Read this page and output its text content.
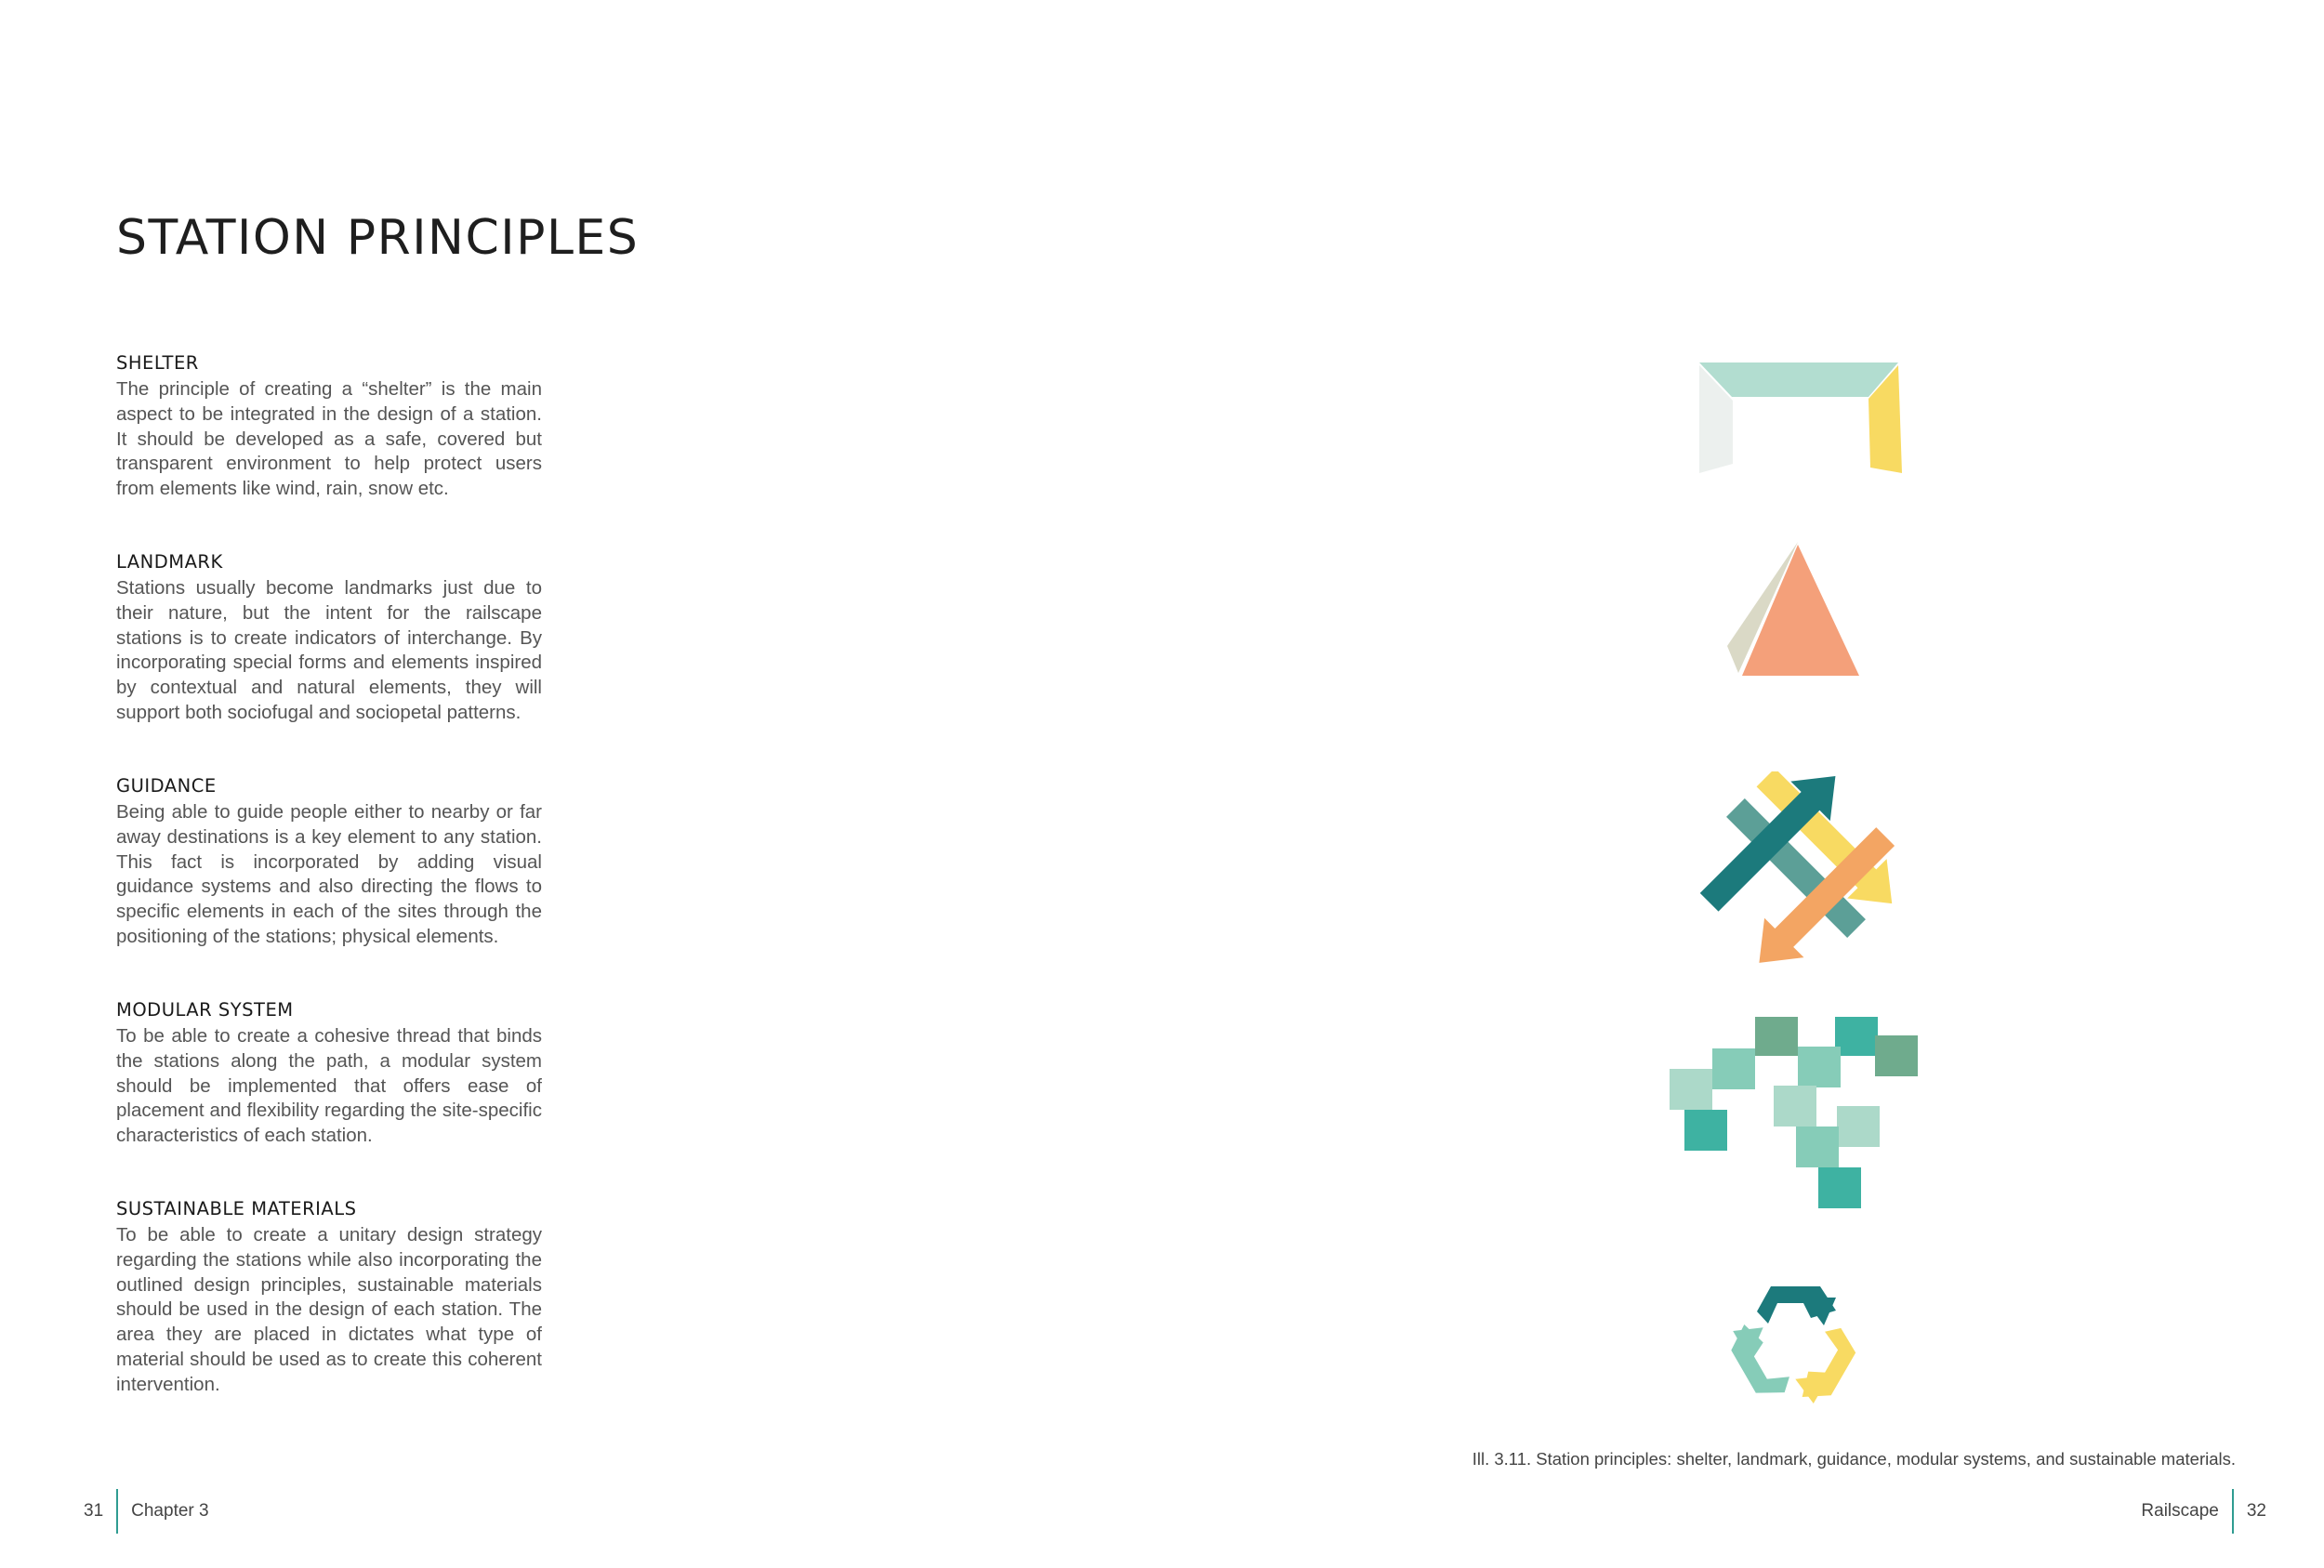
STATION PRINCIPLES
SHELTER

The principle of creating a “shelter” is the main aspect to be integrated in the design of a station. It should be developed as a safe, covered but transparent environment to help protect users from elements like wind, rain, snow etc.

LANDMARK

Stations usually become landmarks just due to their nature, but the intent for the railscape stations is to create indicators of interchange. By incorporating special forms and elements inspired by contextual and natural elements, they will support both sociofugal and sociopetal patterns.

GUIDANCE

Being able to guide people either to nearby or far away destinations is a key element to any station. This fact is incorporated by adding visual guidance systems and also directing the flows to specific elements in each of the sites through the positioning of the stations; physical elements.

MODULAR SYSTEM

To be able to create a cohesive thread that binds the stations along the path, a modular system should be implemented that offers ease of placement and flexibility regarding the site-specific characteristics of each station.

SUSTAINABLE MATERIALS

To be able to create a unitary design strategy regarding the stations while also incorporating the outlined design principles, sustainable materials should be used in the design of each station. The area they are placed in dictates what type of material should be used as to create this coherent intervention.

Ill. 3.11. Station principles: shelter, landmark, guidance, modular systems, and sustainable materials.

31 Chapter 3	Railscape 32
